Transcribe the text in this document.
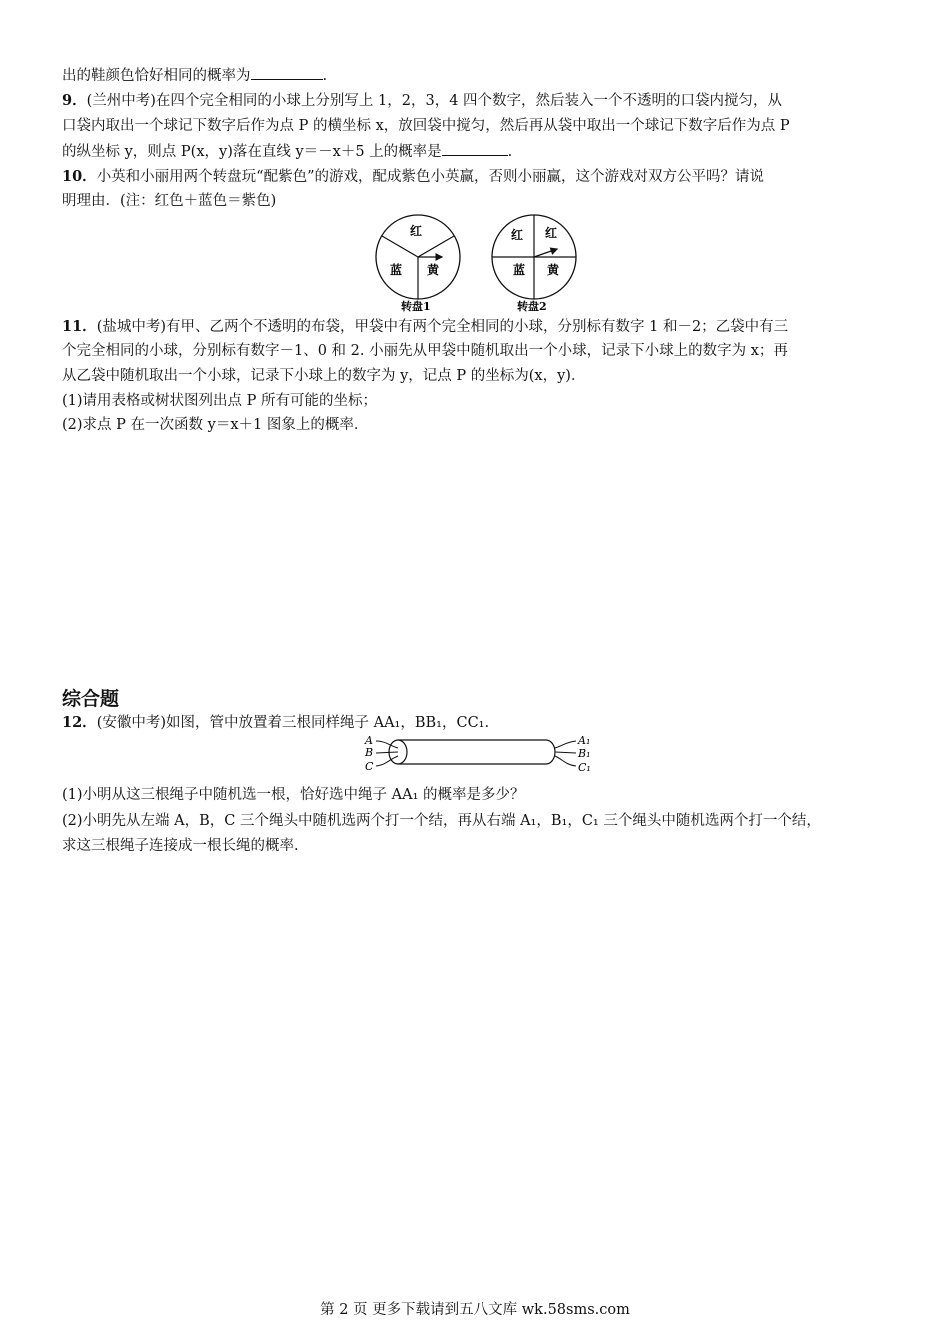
出的鞋颜色恰好相同的概率为	.
9．(兰州中考)在四个完全相同的小球上分别写上 1，2，3，4 四个数字，然后装入一个不透明的口袋内搅匀，从
口袋内取出一个球记下数字后作为点 P 的横坐标 x，放回袋中搅匀，然后再从袋中取出一个球记下数字后作为点 P
的纵坐标 y，则点 P(x，y)落在直线 y＝－x＋5 上的概率是	.
10．小英和小丽用两个转盘玩“配紫色”的游戏，配成紫色小英赢，否则小丽赢，这个游戏对双方公平吗？请说
明理由．(注：红色＋蓝色＝紫色)
红
蓝 黄
转盘1
红 红
蓝 黄
转盘2
11．(盐城中考)有甲、乙两个不透明的布袋，甲袋中有两个完全相同的小球，分别标有数字 1 和－2；乙袋中有三
个完全相同的小球，分别标有数字－1、0 和 2. 小丽先从甲袋中随机取出一个小球，记录下小球上的数字为 x；再
从乙袋中随机取出一个小球，记录下小球上的数字为 y，记点 P 的坐标为(x，y)．
(1)请用表格或树状图列出点 P 所有可能的坐标；
(2)求点 P 在一次函数 y＝x＋1 图象上的概率．
综合题
12．(安徽中考)如图，管中放置着三根同样绳子 AA₁，BB₁，CC₁.
A
B
C
A₁
B₁
C₁
(1)小明从这三根绳子中随机选一根，恰好选中绳子 AA₁ 的概率是多少？
(2)小明先从左端 A，B，C 三个绳头中随机选两个打一个结，再从右端 A₁，B₁，C₁ 三个绳头中随机选两个打一个结，
求这三根绳子连接成一根长绳的概率.
第 2 页 更多下载请到五八文库 wk.58sms.com
